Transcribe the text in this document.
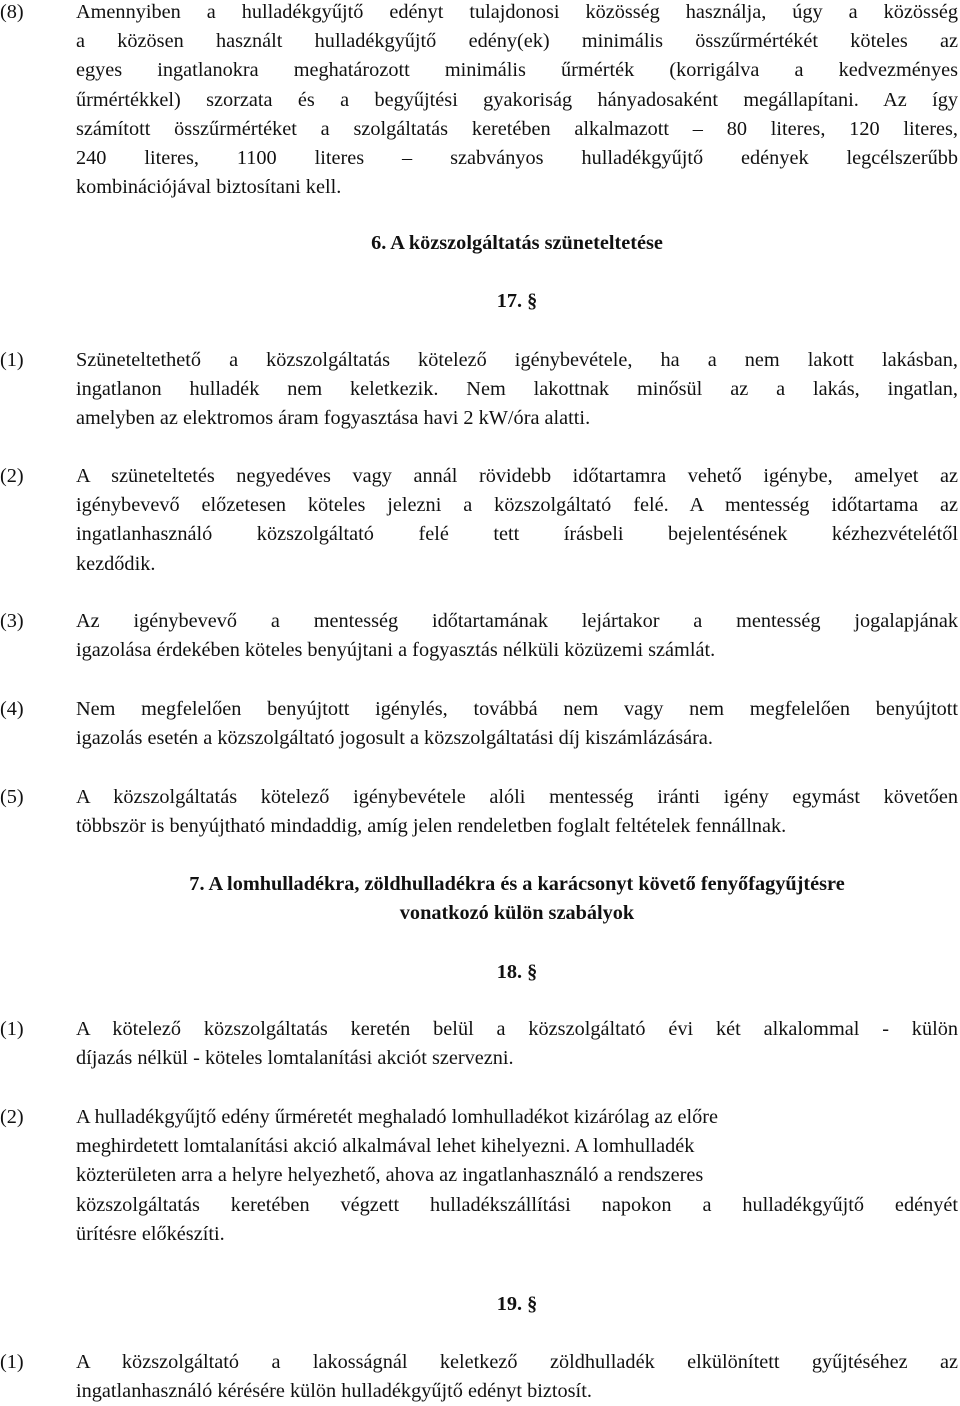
(8)	Amennyiben a hulladékgyűjtő edényt tulajdonosi közösség használja, úgy a közösség
a közösen használt hulladékgyűjtő edény(ek) minimális összűrmértékét köteles az
egyes ingatlanokra meghatározott minimális űrmérték (korrigálva a kedvezményes
űrmértékkel) szorzata és a begyűjtési gyakoriság hányadosaként megállapítani. Az így
számított összűrmértéket a szolgáltatás keretében alkalmazott – 80 literes, 120 literes,
240 literes, 1100 literes – szabványos hulladékgyűjtő edények legcélszerűbb
kombinációjával biztosítani kell.
6. A közszolgáltatás szüneteltetése
17. §
(1)	Szüneteltethető a közszolgáltatás kötelező igénybevétele, ha a nem lakott lakásban,
ingatlanon hulladék nem keletkezik. Nem lakottnak minősül az a lakás, ingatlan,
amelyben az elektromos áram fogyasztása havi 2 kW/óra alatti.
(2)	A szüneteltetés negyedéves vagy annál rövidebb időtartamra vehető igénybe, amelyet az
igénybevevő előzetesen köteles jelezni a közszolgáltató felé. A mentesség időtartama az
ingatlanhasználó közszolgáltató felé tett írásbeli bejelentésének kézhezvételétől
kezdődik.
(3)	Az igénybevevő a mentesség időtartamának lejártakor a mentesség jogalapjának
igazolása érdekében köteles benyújtani a fogyasztás nélküli közüzemi számlát.
(4)	Nem megfelelően benyújtott igénylés, továbbá nem vagy nem megfelelően benyújtott
igazolás esetén a közszolgáltató jogosult a közszolgáltatási díj kiszámlázására.
(5)	A közszolgáltatás kötelező igénybevétele alóli mentesség iránti igény egymást követően
többször is benyújtható mindaddig, amíg jelen rendeletben foglalt feltételek fennállnak.
7. A lomhulladékra, zöldhulladékra és a karácsonyt követő fenyőfagyűjtésre
vonatkozó külön szabályok
18. §
(1)	A kötelező közszolgáltatás keretén belül a közszolgáltató évi két alkalommal - külön
díjazás nélkül - köteles lomtalanítási akciót szervezni.
(2)	A hulladékgyűjtő edény űrméretét meghaladó lomhulladékot kizárólag az előre
meghirdetett lomtalanítási akció alkalmával lehet kihelyezni. A lomhulladék
közterületen arra a helyre helyezhető, ahova az ingatlanhasználó a rendszeres
közszolgáltatás keretében végzett hulladékszállítási napokon a hulladékgyűjtő edényét
ürítésre előkészíti.
19. §
(1)	A közszolgáltató a lakosságnál keletkező zöldhulladék elkülönített gyűjtéséhez az
ingatlanhasználó kérésére külön hulladékgyűjtő edényt biztosít.
